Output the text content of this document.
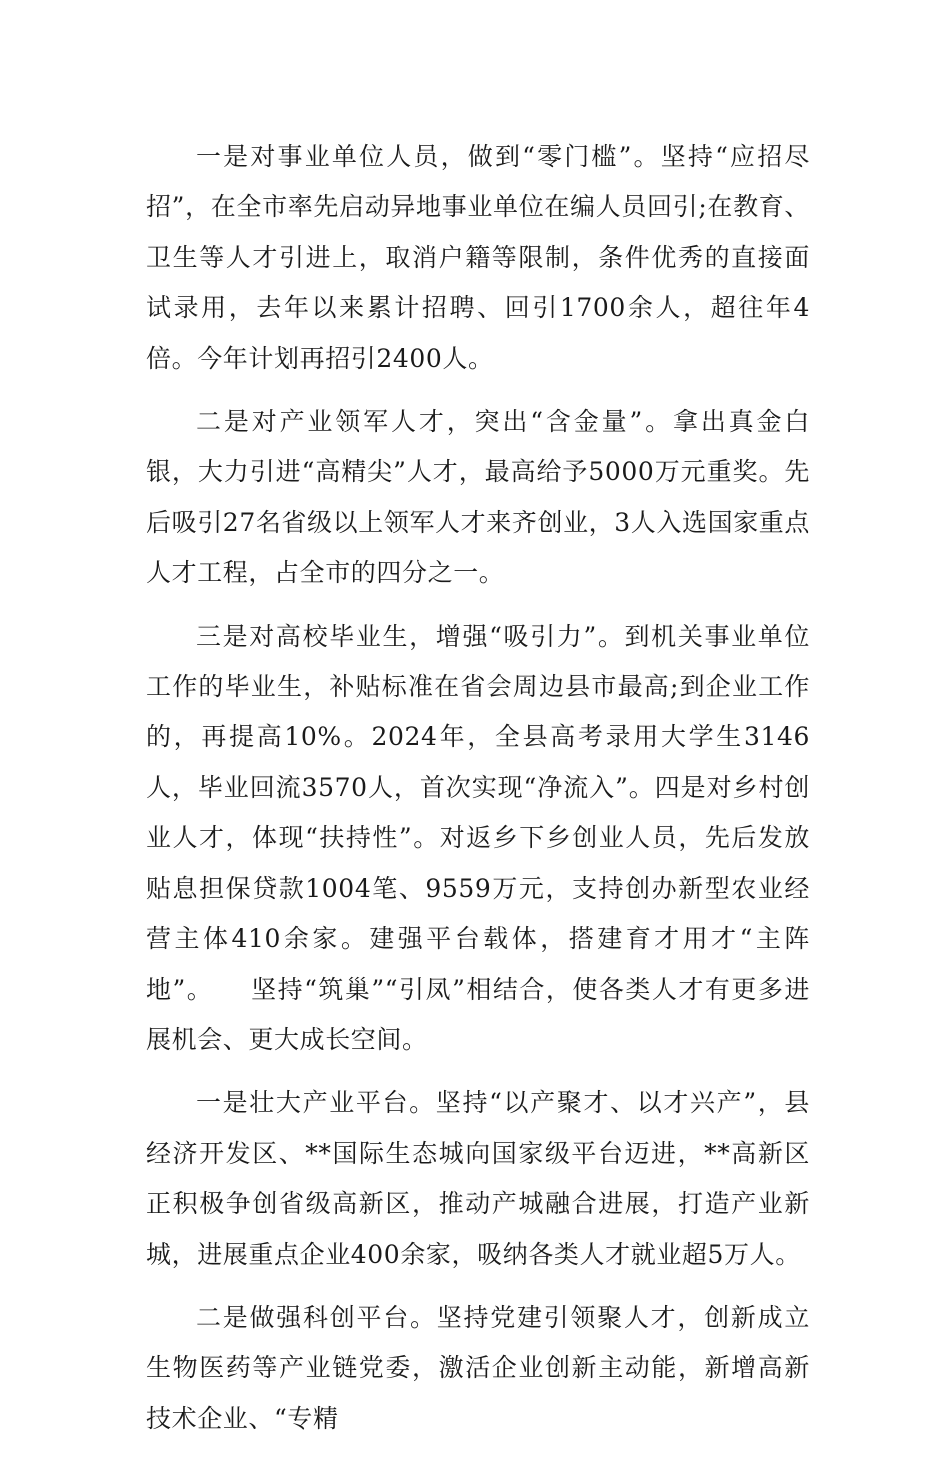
一是对事业单位人员，做到“零门槛”。坚持“应招尽招”，在全市率先启动异地事业单位在编人员回引;在教育、卫生等人才引进上，取消户籍等限制，条件优秀的直接面试录用，去年以来累计招聘、回引1700余人，超往年4倍。今年计划再招引2400人。

二是对产业领军人才，突出“含金量”。拿出真金白银，大力引进“高精尖”人才，最高给予5000万元重奖。先后吸引27名省级以上领军人才来齐创业，3人入选国家重点人才工程，占全市的四分之一。

三是对高校毕业生，增强“吸引力”。到机关事业单位工作的毕业生，补贴标准在省会周边县市最高;到企业工作的，再提高10%。2024年，全县高考录用大学生3146人，毕业回流3570人，首次实现“净流入”。四是对乡村创业人才，体现“扶持性”。对返乡下乡创业人员，先后发放贴息担保贷款1004笔、9559万元，支持创办新型农业经营主体410余家。建强平台载体，搭建育才用才“主阵地”。    坚持“筑巢”“引凤”相结合，使各类人才有更多进展机会、更大成长空间。

一是壮大产业平台。坚持“以产聚才、以才兴产”，县经济开发区、**国际生态城向国家级平台迈进，**高新区正积极争创省级高新区，推动产城融合进展，打造产业新城，进展重点企业400余家，吸纳各类人才就业超5万人。

二是做强科创平台。坚持党建引领聚人才，创新成立生物医药等产业链党委，激活企业创新主动能，新增高新技术企业、“专精
